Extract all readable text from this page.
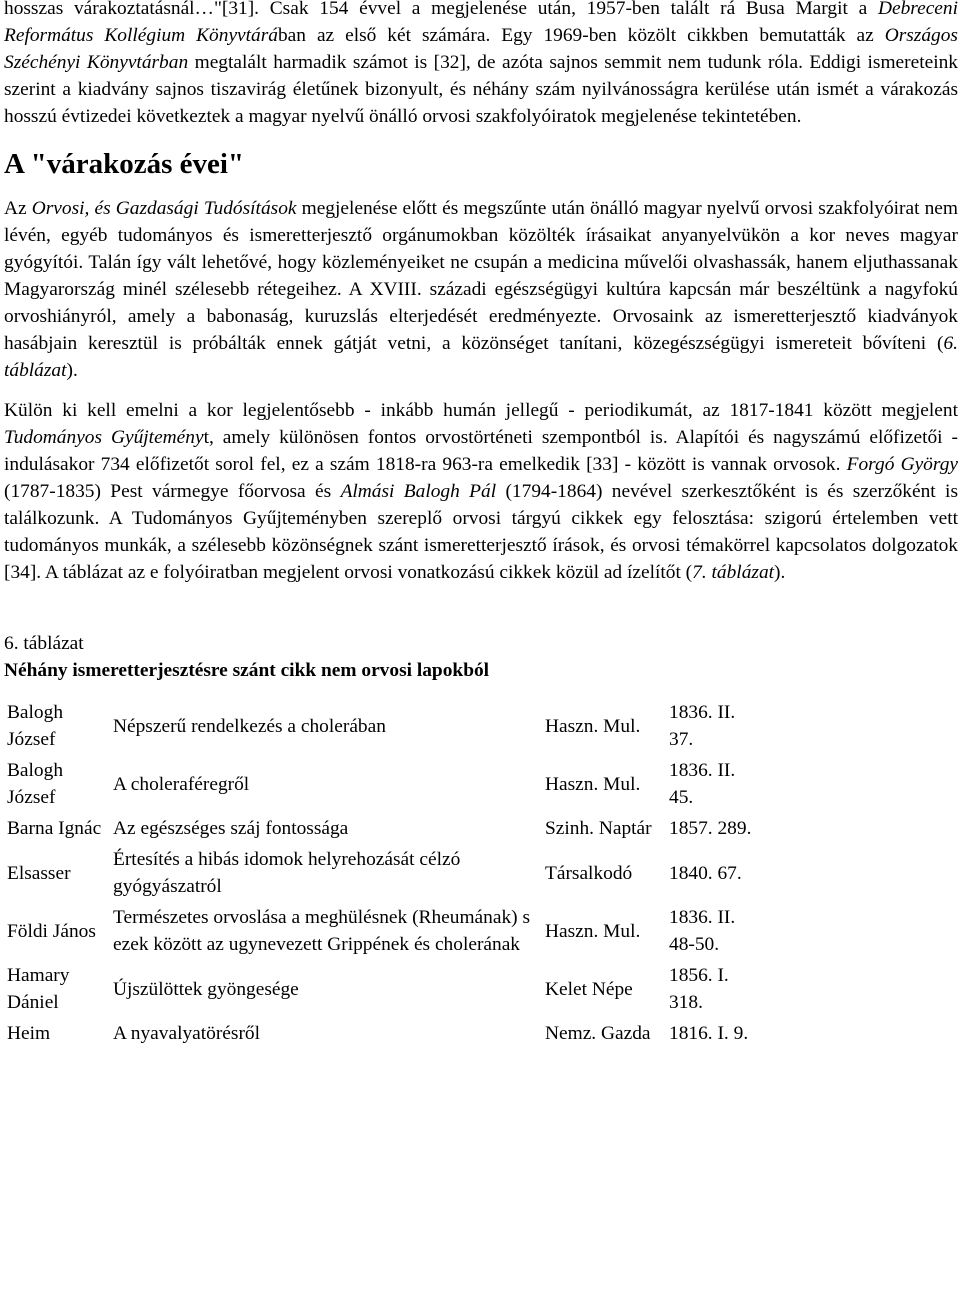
hosszas várakoztatásnál…"[31]. Csak 154 évvel a megjelenése után, 1957-ben talált rá Busa Margit a Debreceni Református Kollégium Könyvtárában az első két számára. Egy 1969-ben közölt cikkben bemutatták az Országos Széchényi Könyvtárban megtalált harmadik számot is [32], de azóta sajnos semmit nem tudunk róla. Eddigi ismereteink szerint a kiadvány sajnos tiszavirág életűnek bizonyult, és néhány szám nyilvánosságra kerülése után ismét a várakozás hosszú évtizedei következtek a magyar nyelvű önálló orvosi szakfolyóiratok megjelenése tekintetében.

A "várakozás évei"

Az Orvosi, és Gazdasági Tudósítások megjelenése előtt és megszűnte után önálló magyar nyelvű orvosi szakfolyóirat nem lévén, egyéb tudományos és ismeretterjesztő orgánumokban közölték írásaikat anyanyelvükön a kor neves magyar gyógyítói. Talán így vált lehetővé, hogy közleményeiket ne csupán a medicina művelői olvashassák, hanem eljuthassanak Magyarország minél szélesebb rétegeihez. A XVIII. századi egészségügyi kultúra kapcsán már beszéltünk a nagyfokú orvoshiányról, amely a babonaság, kuruzslás elterjedését eredményezte. Orvosaink az ismeretterjesztő kiadványok hasábjain keresztül is próbálták ennek gátját vetni, a közönséget tanítani, közegészségügyi ismereteit bővíteni (6. táblázat).

Külön ki kell emelni a kor legjelentősebb - inkább humán jellegű - periodikumát, az 1817-1841 között megjelent Tudományos Gyűjteményt, amely különösen fontos orvostörténeti szempontból is. Alapítói és nagyszámú előfizetői - indulásakor 734 előfizetőt sorol fel, ez a szám 1818-ra 963-ra emelkedik [33] - között is vannak orvosok. Forgó György (1787-1835) Pest vármegye főorvosa és Almási Balogh Pál (1794-1864) nevével szerkesztőként is és szerzőként is találkozunk. A Tudományos Gyűjteményben szereplő orvosi tárgyú cikkek egy felosztása: szigorú értelemben vett tudományos munkák, a szélesebb közönségnek szánt ismeretterjesztő írások, és orvosi témakörrel kapcsolatos dolgozatok [34]. A táblázat az e folyóiratban megjelent orvosi vonatkozású cikkek közül ad ízelítőt (7. táblázat).

6. táblázat
Néhány ismeretterjesztésre szánt cikk nem orvosi lapokból
Balogh József	Népszerű rendelkezés a cholerában	Haszn. Mul.	1836. II. 37.
Balogh József	A choleraféregről	Haszn. Mul.	1836. II. 45.
Barna Ignác	Az egészséges száj fontossága	Szinh. Naptár	1857. 289.
Elsasser	Értesítés a hibás idomok helyrehozását célzó gyógyászatról	Társalkodó	1840. 67.
Földi János	Természetes orvoslása a meghülésnek (Rheumának) s ezek között az ugynevezett Grippének és cholerának	Haszn. Mul.	1836. II. 48-50.
Hamary Dániel	Újszülöttek gyöngesége	Kelet Népe	1856. I. 318.
Heim	A nyavalyatörésről	Nemz. Gazda	1816. I. 9.
